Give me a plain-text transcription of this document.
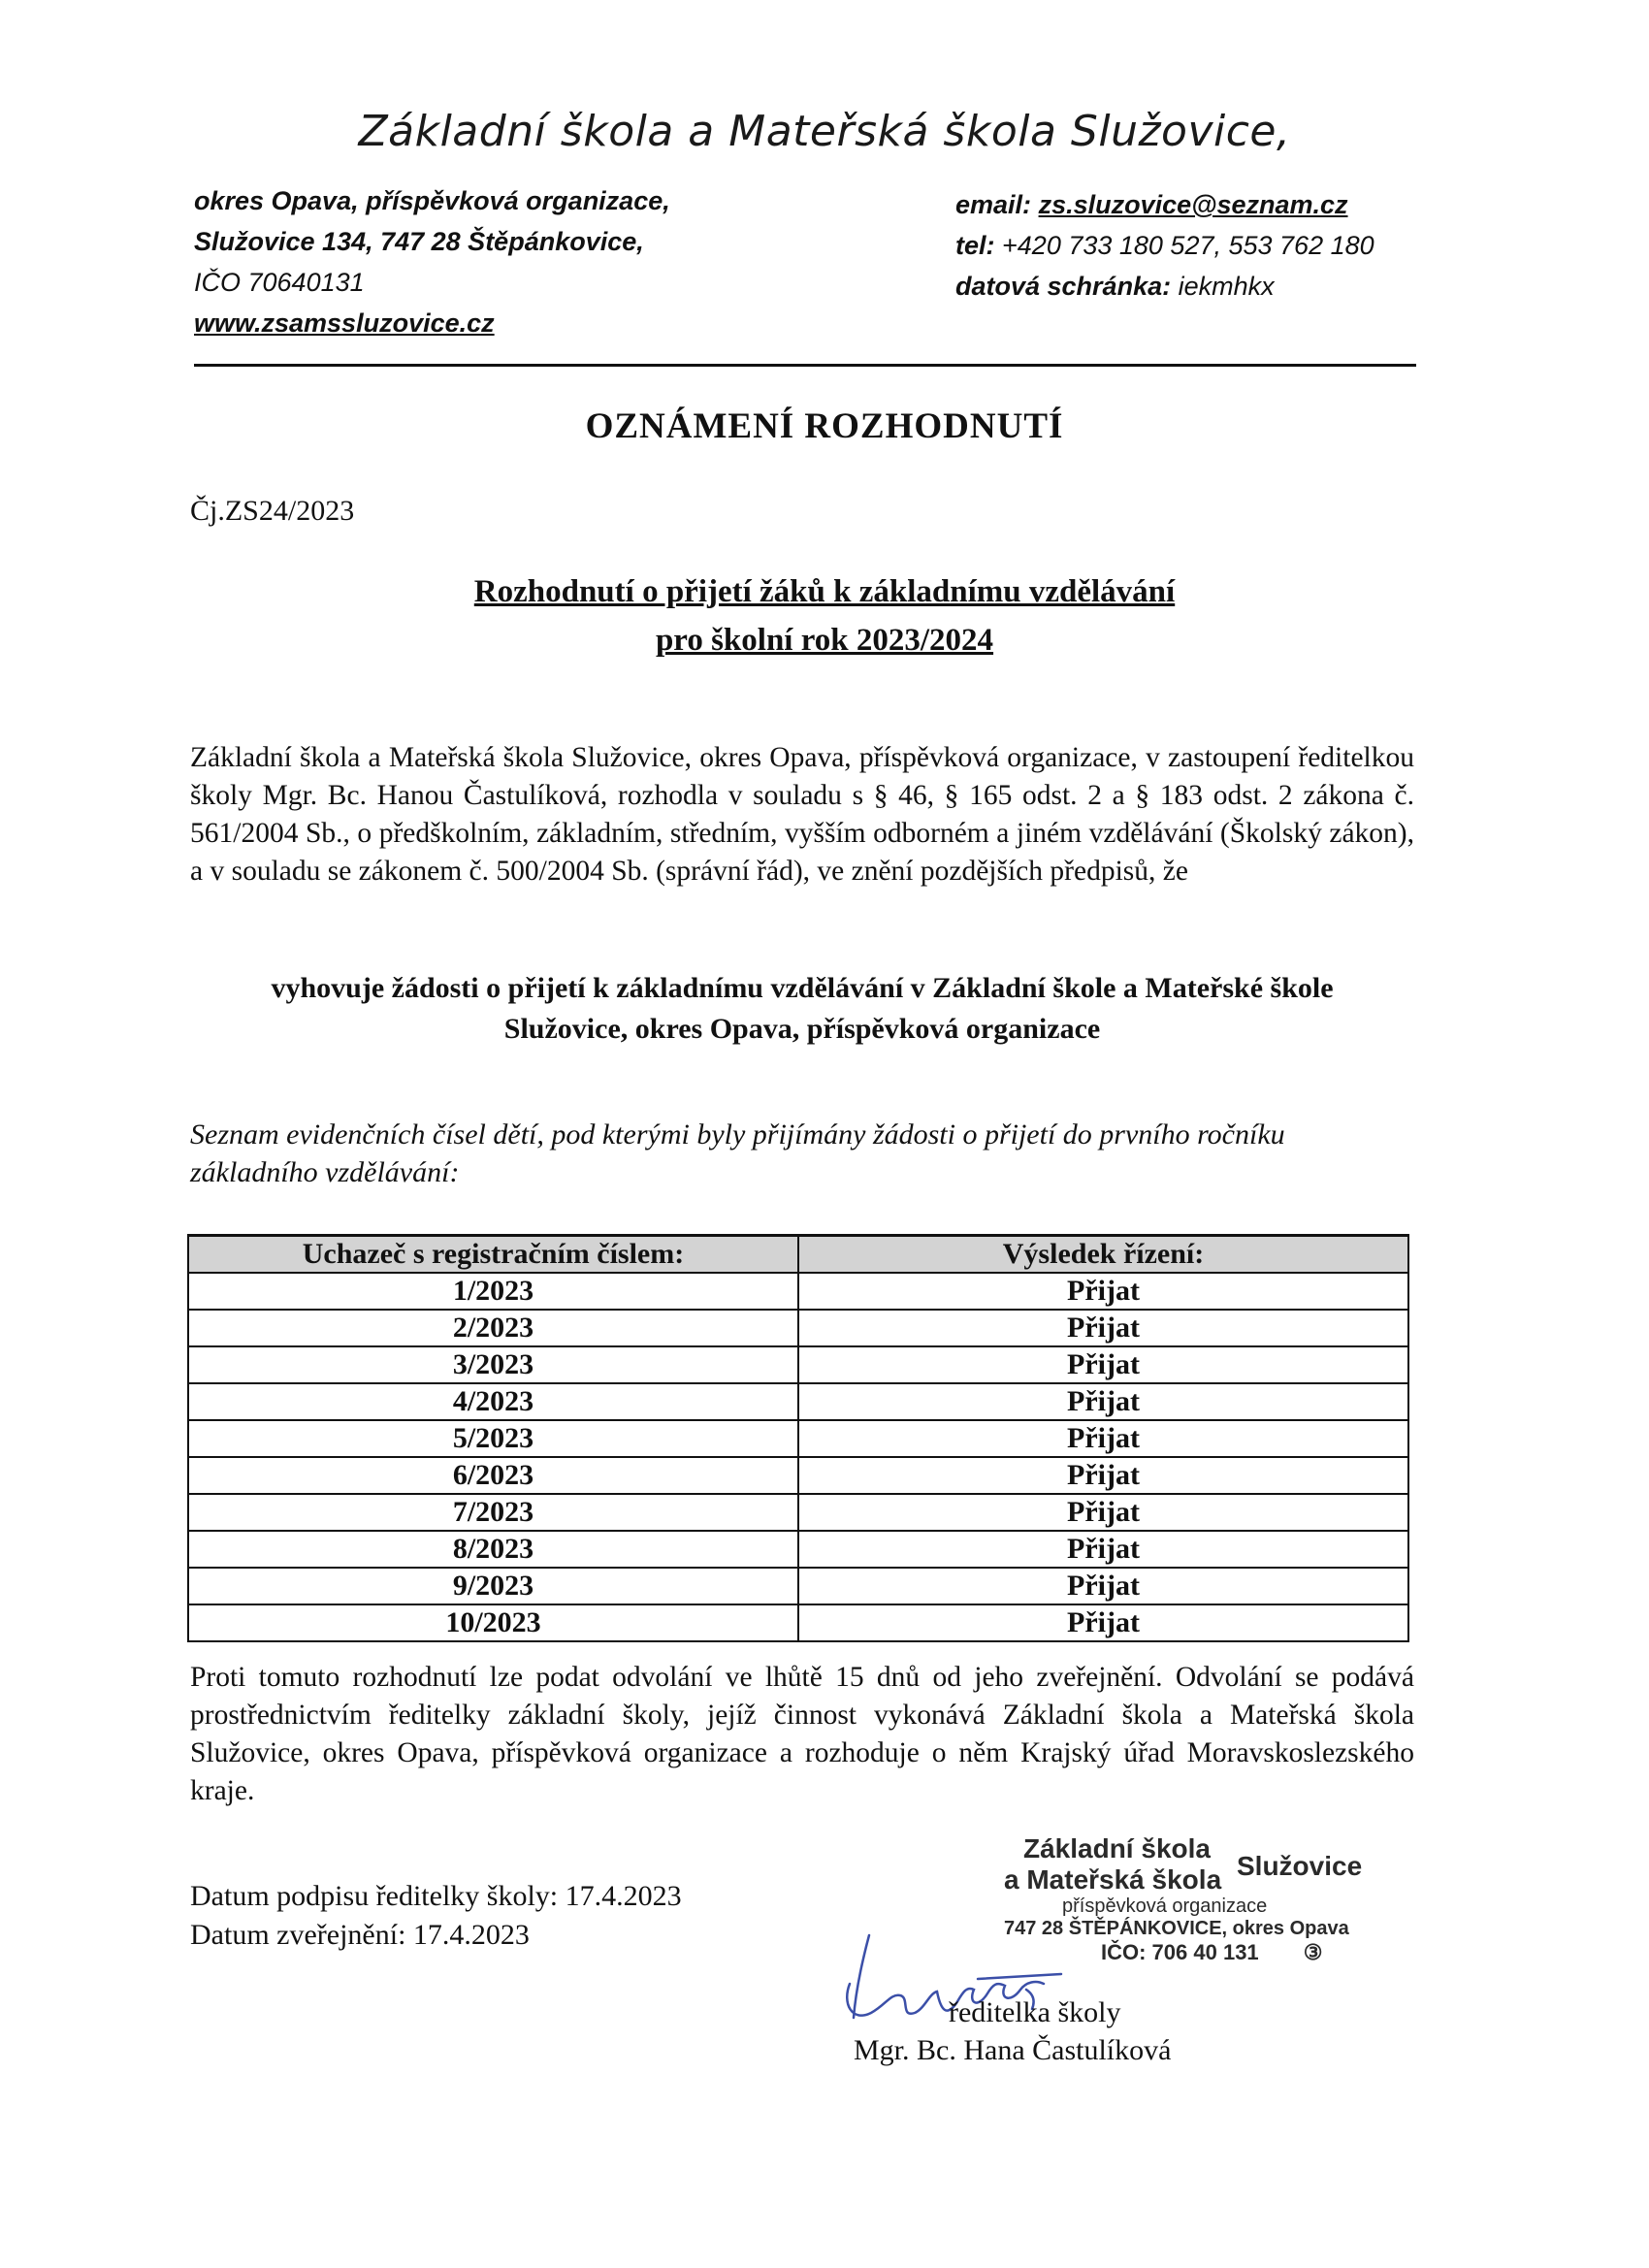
Základní škola a Mateřská škola Služovice,
okres Opava, příspěvková organizace,
Služovice 134, 747 28 Štěpánkovice,
IČO 70640131
www.zsamssluzovice.cz
email: zs.sluzovice@seznam.cz
tel: +420 733 180 527, 553 762 180
datová schránka: iekmhkx
OZNÁMENÍ ROZHODNUTÍ
Čj.ZS24/2023
Rozhodnutí o přijetí žáků k základnímu vzdělávání
pro školní rok 2023/2024
Základní škola a Mateřská škola Služovice, okres Opava, příspěvková organizace, v zastoupení ředitelkou školy Mgr. Bc. Hanou Častulíková, rozhodla v souladu s § 46, § 165 odst. 2 a § 183 odst. 2 zákona č. 561/2004 Sb., o předškolním, základním, středním, vyšším odborném a jiném vzdělávání (Školský zákon), a v souladu se zákonem č. 500/2004 Sb. (správní řád), ve znění pozdějších předpisů, že
vyhovuje žádosti o přijetí k základnímu vzdělávání v Základní škole a Mateřské škole
Služovice, okres Opava, příspěvková organizace
Seznam evidenčních čísel dětí, pod kterými byly přijímány žádosti o přijetí do prvního ročníku základního vzdělávání:
Uchazeč s registračním číslem:	Výsledek řízení:
1/2023	Přijat
2/2023	Přijat
3/2023	Přijat
4/2023	Přijat
5/2023	Přijat
6/2023	Přijat
7/2023	Přijat
8/2023	Přijat
9/2023	Přijat
10/2023	Přijat
Proti tomuto rozhodnutí lze podat odvolání ve lhůtě 15 dnů od jeho zveřejnění. Odvolání se podává prostřednictvím ředitelky základní školy, jejíž činnost vykonává Základní škola a Mateřská škola Služovice, okres Opava, příspěvková organizace a rozhoduje o něm Krajský úřad Moravskoslezského kraje.
Datum podpisu ředitelky školy: 17.4.2023
Datum zveřejnění: 17.4.2023
Základní škola
Služovice
a Mateřská škola
příspěvková organizace
747 28 ŠTĚPÁNKOVICE, okres Opava
IČO: 706 40 131 ③
ředitelka školy
Mgr. Bc. Hana Častulíková
